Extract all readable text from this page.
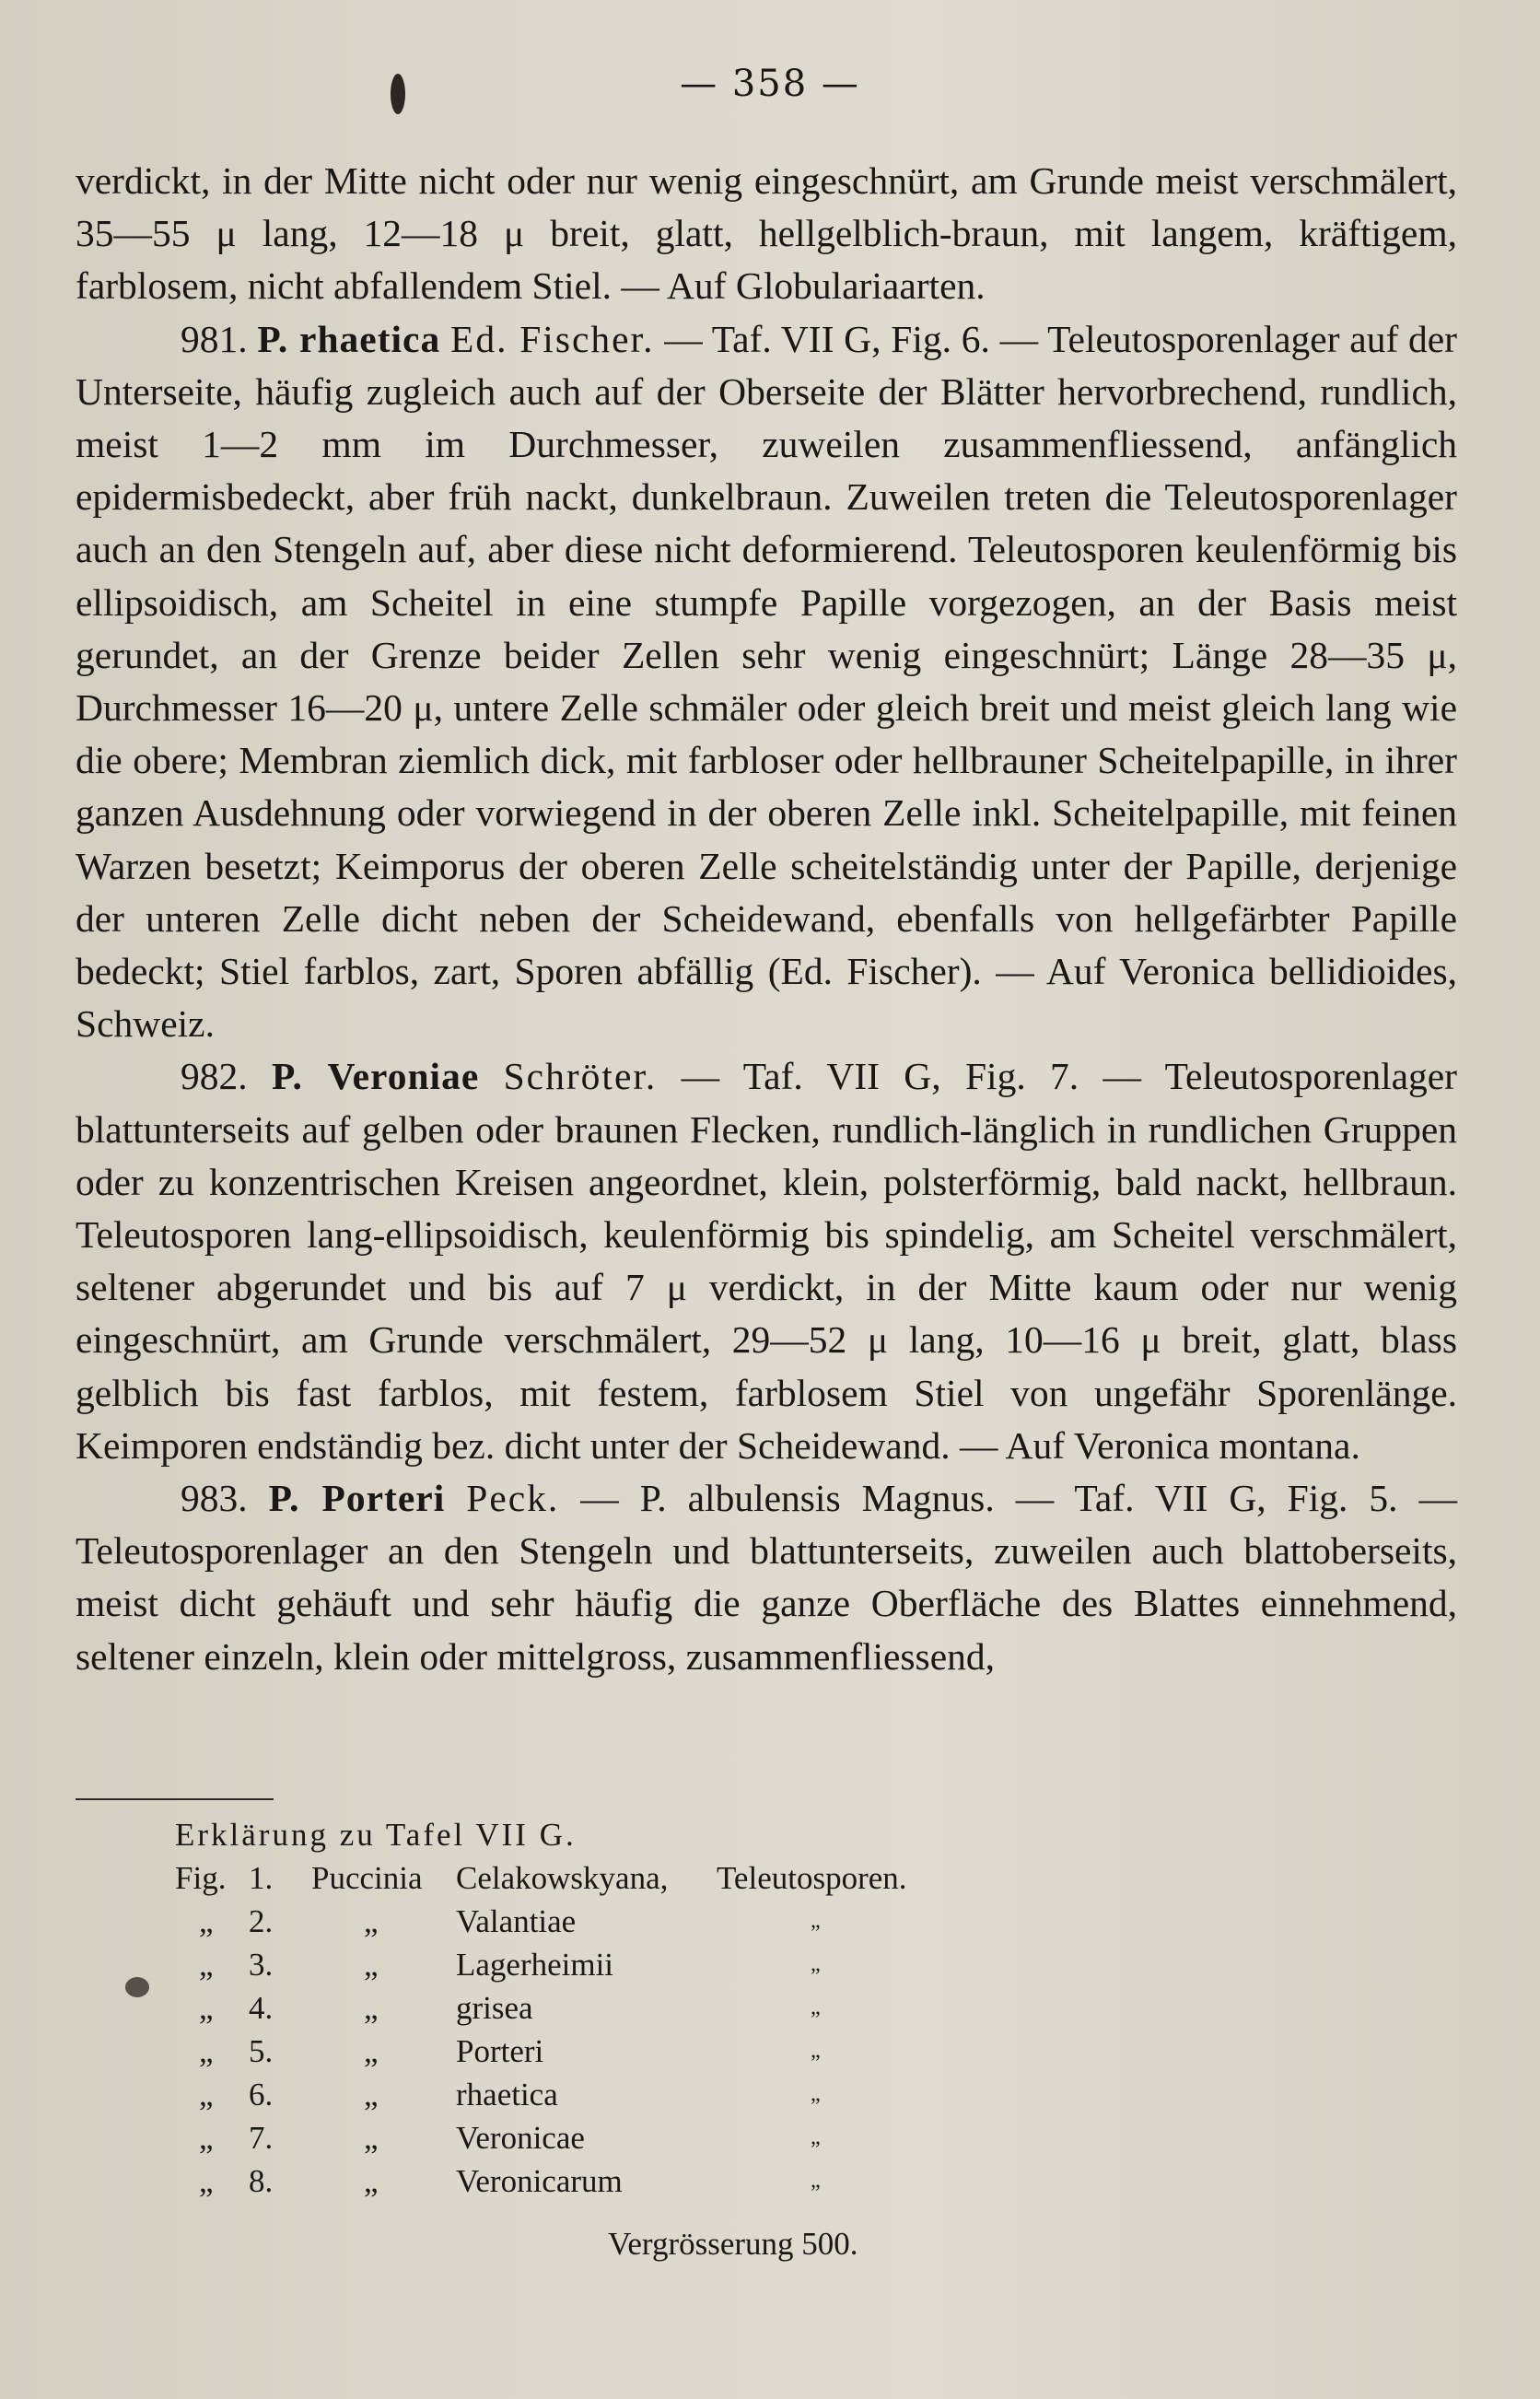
— 358 —

verdickt, in der Mitte nicht oder nur wenig eingeschnürt, am Grunde meist verschmälert, 35—55 μ lang, 12—18 μ breit, glatt, hellgelblich-braun, mit langem, kräftigem, farblosem, nicht abfallendem Stiel. — Auf Globulariaarten.

981. P. rhaetica Ed. Fischer. — Taf. VII G, Fig. 6. — Teleutosporenlager auf der Unterseite, häufig zugleich auch auf der Oberseite der Blätter hervorbrechend, rundlich, meist 1—2 mm im Durchmesser, zuweilen zusammenfliessend, anfänglich epidermisbedeckt, aber früh nackt, dunkelbraun. Zuweilen treten die Teleutosporenlager auch an den Stengeln auf, aber diese nicht deformierend. Teleutosporen keulenförmig bis ellipsoidisch, am Scheitel in eine stumpfe Papille vorgezogen, an der Basis meist gerundet, an der Grenze beider Zellen sehr wenig eingeschnürt; Länge 28—35 μ, Durchmesser 16—20 μ, untere Zelle schmäler oder gleich breit und meist gleich lang wie die obere; Membran ziemlich dick, mit farbloser oder hellbrauner Scheitelpapille, in ihrer ganzen Ausdehnung oder vorwiegend in der oberen Zelle inkl. Scheitelpapille, mit feinen Warzen besetzt; Keimporus der oberen Zelle scheitelständig unter der Papille, derjenige der unteren Zelle dicht neben der Scheidewand, ebenfalls von hellgefärbter Papille bedeckt; Stiel farblos, zart, Sporen abfällig (Ed. Fischer). — Auf Veronica bellidioides, Schweiz.

982. P. Veroniae Schröter. — Taf. VII G, Fig. 7. — Teleutosporenlager blattunterseits auf gelben oder braunen Flecken, rundlich-länglich in rundlichen Gruppen oder zu konzentrischen Kreisen angeordnet, klein, polsterförmig, bald nackt, hellbraun. Teleutosporen lang-ellipsoidisch, keulenförmig bis spindelig, am Scheitel verschmälert, seltener abgerundet und bis auf 7 μ verdickt, in der Mitte kaum oder nur wenig eingeschnürt, am Grunde verschmälert, 29—52 μ lang, 10—16 μ breit, glatt, blass gelblich bis fast farblos, mit festem, farblosem Stiel von ungefähr Sporenlänge. Keimporen endständig bez. dicht unter der Scheidewand. — Auf Veronica montana.

983. P. Porteri Peck. — P. albulensis Magnus. — Taf. VII G, Fig. 5. — Teleutosporenlager an den Stengeln und blattunterseits, zuweilen auch blattoberseits, meist dicht gehäuft und sehr häufig die ganze Oberfläche des Blattes einnehmend, seltener einzeln, klein oder mittelgross, zusammenfliessend,

Erklärung zu Tafel VII G.
Fig. 1. Puccinia Celakowskyana, Teleutosporen.
„ 2.	„ Valantiae	„
„ 3.	„ Lagerheimii	„
„ 4.	„ grisea	„
„ 5.	„ Porteri	„
„ 6.	„ rhaetica	„
„ 7.	„ Veronicae	„
„ 8.	„ Veronicarum	„
Vergrösserung 500.
